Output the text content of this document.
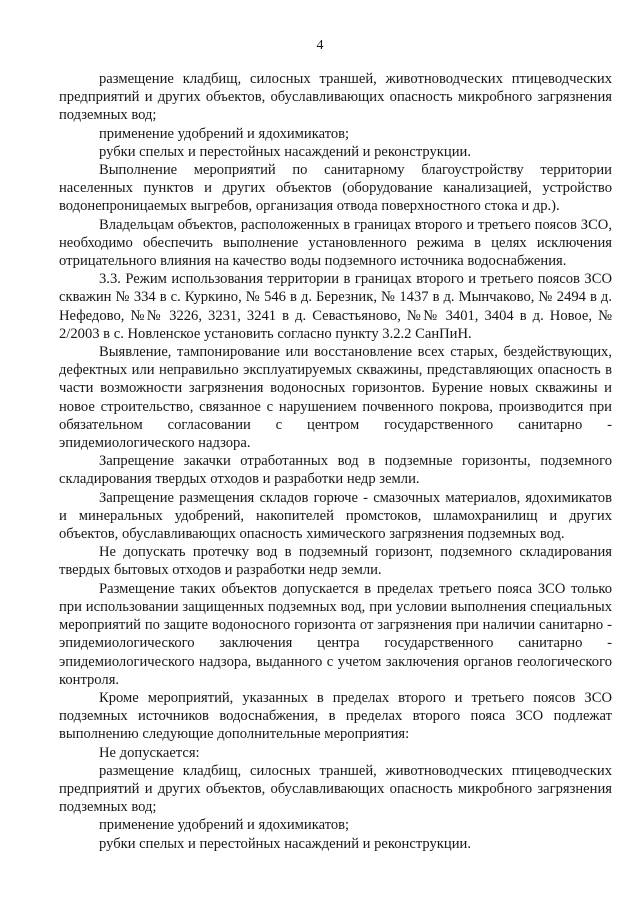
4

размещение кладбищ, силосных траншей, животноводческих птицеводческих предприятий и других объектов, обуславливающих опасность микробного загрязнения подземных вод;

применение удобрений и ядохимикатов;

рубки спелых и перестойных насаждений и реконструкции.

Выполнение мероприятий по санитарному благоустройству территории населенных пунктов и других объектов (оборудование канализацией, устройство водонепроницаемых выгребов, организация отвода поверхностного стока и др.).

Владельцам объектов, расположенных в границах второго и третьего поясов ЗСО, необходимо обеспечить выполнение установленного режима в целях исключения отрицательного влияния на качество воды подземного источника водоснабжения.

3.3. Режим использования территории в границах второго и третьего поясов ЗСО скважин № 334 в с. Куркино, № 546 в д. Березник, № 1437 в д. Мынчаково, № 2494 в д. Нефедово, №№ 3226, 3231, 3241 в д. Севастьяново, №№ 3401, 3404 в д. Новое, № 2/2003 в с. Новленское установить согласно пункту 3.2.2 СанПиН.

Выявление, тампонирование или восстановление всех старых, бездействующих, дефектных или неправильно эксплуатируемых скважины, представляющих опасность в части возможности загрязнения водоносных горизонтов. Бурение новых скважины и новое строительство, связанное с нарушением почвенного покрова, производится при обязательном согласовании с центром государственного санитарно - эпидемиологического надзора.

Запрещение закачки отработанных вод в подземные горизонты, подземного складирования твердых отходов и разработки недр земли.

Запрещение размещения складов горюче - смазочных материалов, ядохимикатов и минеральных удобрений, накопителей промстоков, шламохранилищ и других объектов, обуславливающих опасность химического загрязнения подземных вод.

Не допускать протечку вод в подземный горизонт, подземного складирования твердых бытовых отходов и разработки недр земли.

Размещение таких объектов допускается в пределах третьего пояса ЗСО только при использовании защищенных подземных вод, при условии выполнения специальных мероприятий по защите водоносного горизонта от загрязнения при наличии санитарно - эпидемиологического заключения центра государственного санитарно - эпидемиологического надзора, выданного с учетом заключения органов геологического контроля.

Кроме мероприятий, указанных в пределах второго и третьего поясов ЗСО подземных источников водоснабжения, в пределах второго пояса ЗСО подлежат выполнению следующие дополнительные мероприятия:

Не допускается:

размещение кладбищ, силосных траншей, животноводческих птицеводческих предприятий и других объектов, обуславливающих опасность микробного загрязнения подземных вод;

применение удобрений и ядохимикатов;

рубки спелых и перестойных насаждений и реконструкции.
